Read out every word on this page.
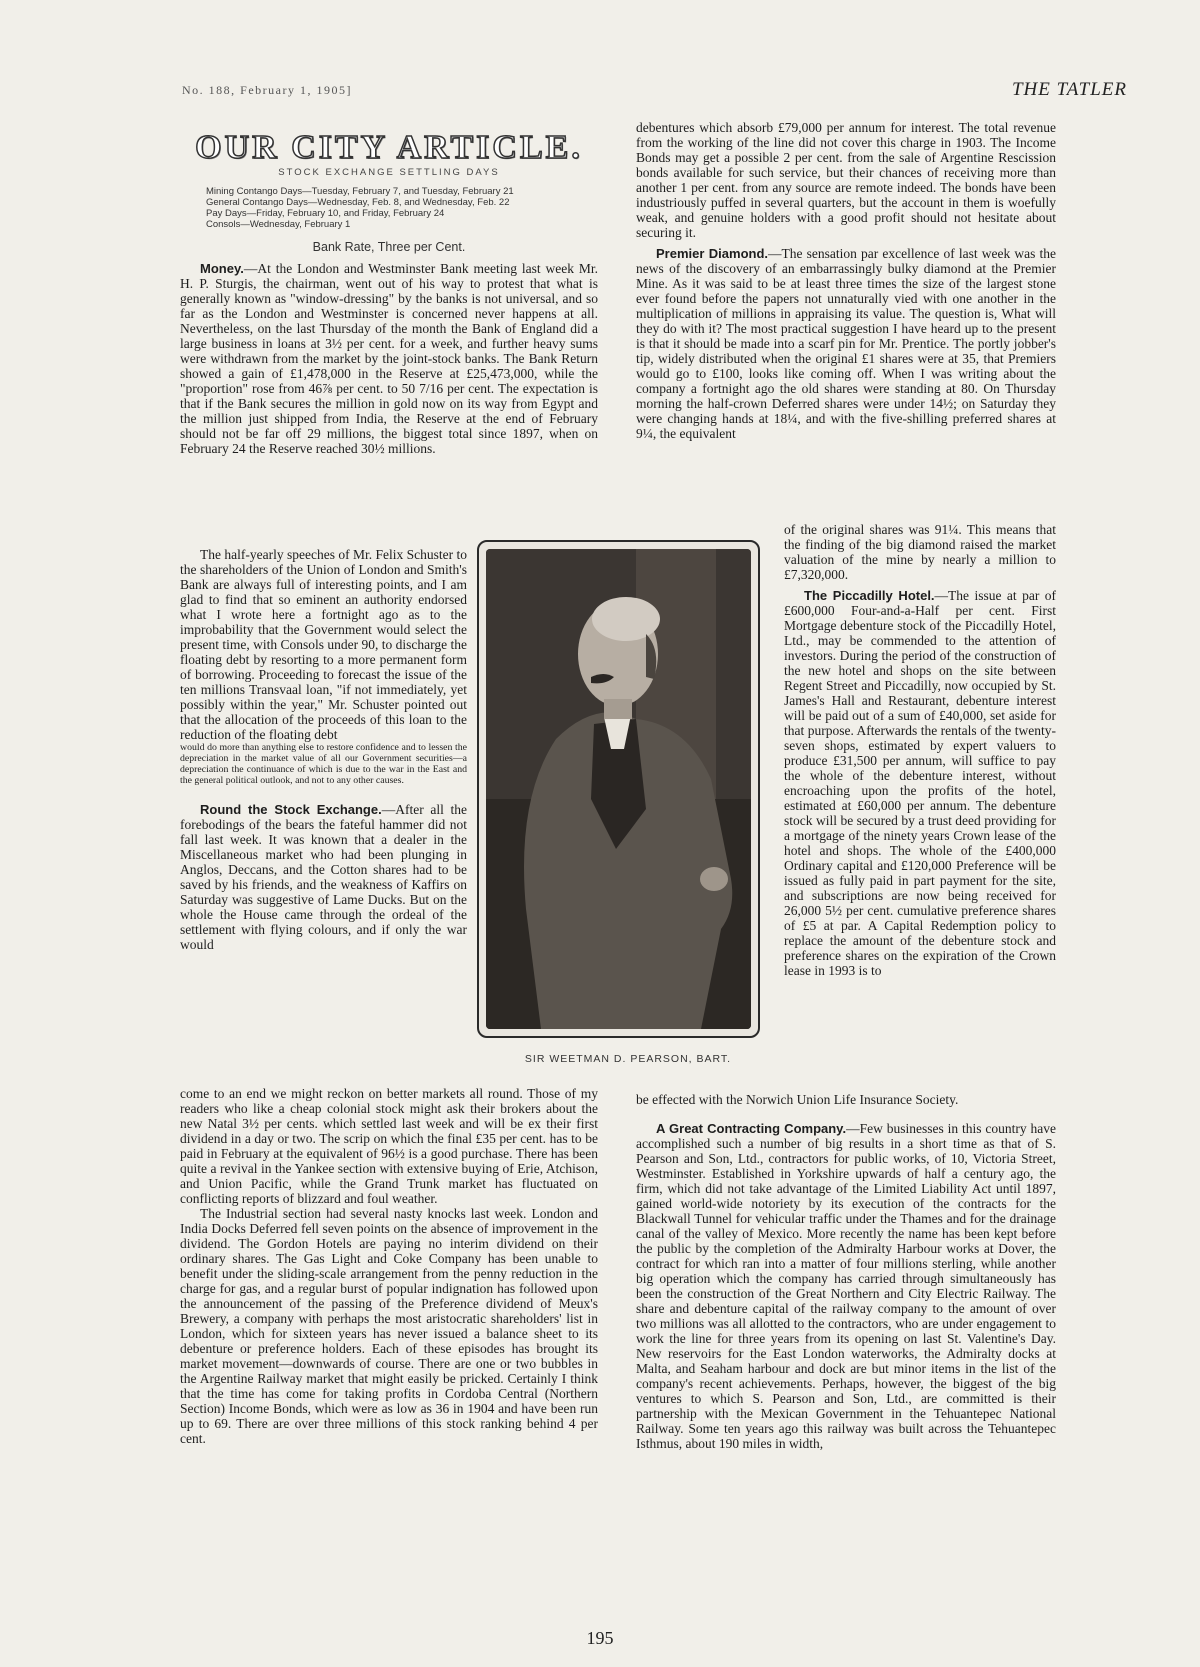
No. 188, February 1, 1905]	THE TATLER
OUR CITY ARTICLE.
STOCK EXCHANGE SETTLING DAYS
Mining Contango Days—Tuesday, February 7, and Tuesday, February 21
General Contango Days—Wednesday, Feb. 8, and Wednesday, Feb. 22
Pay Days—Friday, February 10, and Friday, February 24
Consols—Wednesday, February 1
Bank Rate, Three per Cent.

Money.—At the London and Westminster Bank meeting last week Mr. H. P. Sturgis, the chairman, went out of his way to protest that what is generally known as "window-dressing" by the banks is not universal, and so far as the London and Westminster is concerned never happens at all. Nevertheless, on the last Thursday of the month the Bank of England did a large business in loans at 3½ per cent. for a week, and further heavy sums were withdrawn from the market by the joint-stock banks. The Bank Return showed a gain of £1,478,000 in the Reserve at £25,473,000, while the "proportion" rose from 46⅞ per cent. to 50 7/16 per cent. The expectation is that if the Bank secures the million in gold now on its way from Egypt and the million just shipped from India, the Reserve at the end of February should not be far off 29 millions, the biggest total since 1897, when on February 24 the Reserve reached 30½ millions.

The half-yearly speeches of Mr. Felix Schuster to the shareholders of the Union of London and Smith's Bank are always full of interesting points, and I am glad to find that so eminent an authority endorsed what I wrote here a fortnight ago as to the improbability that the Government would select the present time, with Consols under 90, to discharge the floating debt by resorting to a more permanent form of borrowing. Proceeding to forecast the issue of the ten millions Transvaal loan, "if not immediately, yet possibly within the year," Mr. Schuster pointed out that the allocation of the proceeds of this loan to the reduction of the floating debt

would do more than anything else to restore confidence and to lessen the depreciation in the market value of all our Government securities—a depreciation the continuance of which is due to the war in the East and the general political outlook, and not to any other causes.

Round the Stock Exchange.—After all the forebodings of the bears the fateful hammer did not fall last week. It was known that a dealer in the Miscellaneous market who had been plunging in Anglos, Deccans, and the Cotton shares had to be saved by his friends, and the weakness of Kaffirs on Saturday was suggestive of Lame Ducks. But on the whole the House came through the ordeal of the settlement with flying colours, and if only the war would

come to an end we might reckon on better markets all round. Those of my readers who like a cheap colonial stock might ask their brokers about the new Natal 3½ per cents. which settled last week and will be ex their first dividend in a day or two. The scrip on which the final £35 per cent. has to be paid in February at the equivalent of 96½ is a good purchase. There has been quite a revival in the Yankee section with extensive buying of Erie, Atchison, and Union Pacific, while the Grand Trunk market has fluctuated on conflicting reports of blizzard and foul weather.

The Industrial section had several nasty knocks last week. London and India Docks Deferred fell seven points on the absence of improvement in the dividend. The Gordon Hotels are paying no interim dividend on their ordinary shares. The Gas Light and Coke Company has been unable to benefit under the sliding-scale arrangement from the penny reduction in the charge for gas, and a regular burst of popular indignation has followed upon the announcement of the passing of the Preference dividend of Meux's Brewery, a company with perhaps the most aristocratic shareholders' list in London, which for sixteen years has never issued a balance sheet to its debenture or preference holders. Each of these episodes has brought its market movement—downwards of course. There are one or two bubbles in the Argentine Railway market that might easily be pricked. Certainly I think that the time has come for taking profits in Cordoba Central (Northern Section) Income Bonds, which were as low as 36 in 1904 and have been run up to 69. There are over three millions of this stock ranking behind 4 per cent.

debentures which absorb £79,000 per annum for interest. The total revenue from the working of the line did not cover this charge in 1903. The Income Bonds may get a possible 2 per cent. from the sale of Argentine Rescission bonds available for such service, but their chances of receiving more than another 1 per cent. from any source are remote indeed. The bonds have been industriously puffed in several quarters, but the account in them is woefully weak, and genuine holders with a good profit should not hesitate about securing it.

Premier Diamond.—The sensation par excellence of last week was the news of the discovery of an embarrassingly bulky diamond at the Premier Mine. As it was said to be at least three times the size of the largest stone ever found before the papers not unnaturally vied with one another in the multiplication of millions in appraising its value. The question is, What will they do with it? The most practical suggestion I have heard up to the present is that it should be made into a scarf pin for Mr. Prentice. The portly jobber's tip, widely distributed when the original £1 shares were at 35, that Premiers would go to £100, looks like coming off. When I was writing about the company a fortnight ago the old shares were standing at 80. On Thursday morning the half-crown Deferred shares were under 14½; on Saturday they were changing hands at 18¼, and with the five-shilling preferred shares at 9¼, the equivalent

of the original shares was 91¼. This means that the finding of the big diamond raised the market valuation of the mine by nearly a million to £7,320,000.

The Piccadilly Hotel.—The issue at par of £600,000 Four-and-a-Half per cent. First Mortgage debenture stock of the Piccadilly Hotel, Ltd., may be commended to the attention of investors. During the period of the construction of the new hotel and shops on the site between Regent Street and Piccadilly, now occupied by St. James's Hall and Restaurant, debenture interest will be paid out of a sum of £40,000, set aside for that purpose. Afterwards the rentals of the twenty-seven shops, estimated by expert valuers to produce £31,500 per annum, will suffice to pay the whole of the debenture interest, without encroaching upon the profits of the hotel, estimated at £60,000 per annum. The debenture stock will be secured by a trust deed providing for a mortgage of the ninety years Crown lease of the hotel and shops. The whole of the £400,000 Ordinary capital and £120,000 Preference will be issued as fully paid in part payment for the site, and subscriptions are now being received for 26,000 5½ per cent. cumulative preference shares of £5 at par. A Capital Redemption policy to replace the amount of the debenture stock and preference shares on the expiration of the Crown lease in 1993 is to

be effected with the Norwich Union Life Insurance Society.

A Great Contracting Company.—Few businesses in this country have accomplished such a number of big results in a short time as that of S. Pearson and Son, Ltd., contractors for public works, of 10, Victoria Street, Westminster. Established in Yorkshire upwards of half a century ago, the firm, which did not take advantage of the Limited Liability Act until 1897, gained world-wide notoriety by its execution of the contracts for the Blackwall Tunnel for vehicular traffic under the Thames and for the drainage canal of the valley of Mexico. More recently the name has been kept before the public by the completion of the Admiralty Harbour works at Dover, the contract for which ran into a matter of four millions sterling, while another big operation which the company has carried through simultaneously has been the construction of the Great Northern and City Electric Railway. The share and debenture capital of the railway company to the amount of over two millions was all allotted to the contractors, who are under engagement to work the line for three years from its opening on last St. Valentine's Day. New reservoirs for the East London waterworks, the Admiralty docks at Malta, and Seaham harbour and dock are but minor items in the list of the company's recent achievements. Perhaps, however, the biggest of the big ventures to which S. Pearson and Son, Ltd., are committed is their partnership with the Mexican Government in the Tehuantepec National Railway. Some ten years ago this railway was built across the Tehuantepec Isthmus, about 190 miles in width,

SIR WEETMAN D. PEARSON, BART.
195
